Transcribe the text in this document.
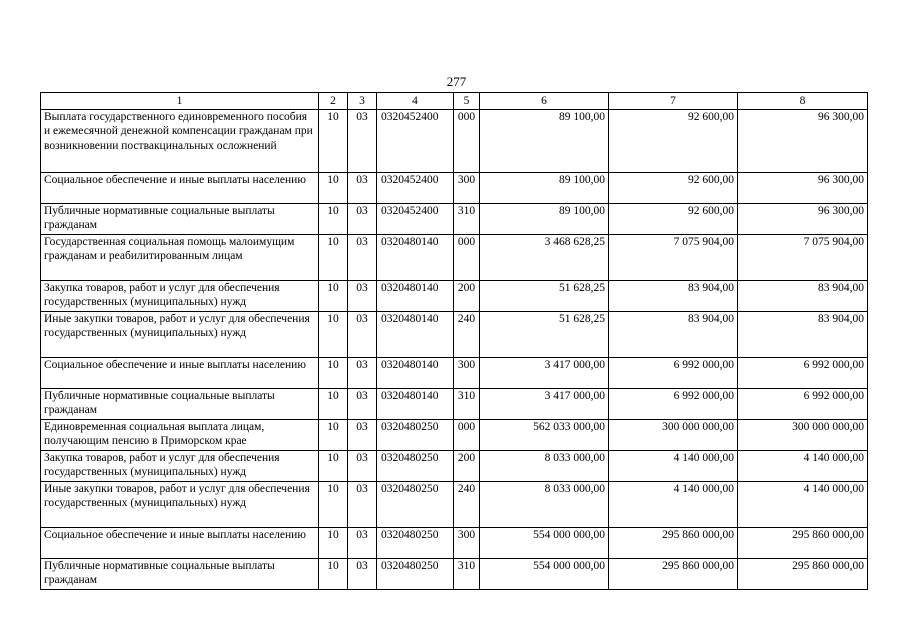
277
1	2	3	4	5	6	7	8
Выплата государственного единовременного пособия и ежемесячной денежной компенсации гражданам при возникновении поствакцинальных осложнений	10	03	0320452400	000	89 100,00	92 600,00	96 300,00
Социальное обеспечение и иные выплаты населению	10	03	0320452400	300	89 100,00	92 600,00	96 300,00
Публичные нормативные социальные выплаты гражданам	10	03	0320452400	310	89 100,00	92 600,00	96 300,00
Государственная социальная помощь малоимущим гражданам и реабилитированным лицам	10	03	0320480140	000	3 468 628,25	7 075 904,00	7 075 904,00
Закупка товаров, работ и услуг для обеспечения государственных (муниципальных) нужд	10	03	0320480140	200	51 628,25	83 904,00	83 904,00
Иные закупки товаров, работ и услуг для обеспечения государственных (муниципальных) нужд	10	03	0320480140	240	51 628,25	83 904,00	83 904,00
Социальное обеспечение и иные выплаты населению	10	03	0320480140	300	3 417 000,00	6 992 000,00	6 992 000,00
Публичные нормативные социальные выплаты гражданам	10	03	0320480140	310	3 417 000,00	6 992 000,00	6 992 000,00
Единовременная социальная выплата лицам, получающим пенсию в Приморском крае	10	03	0320480250	000	562 033 000,00	300 000 000,00	300 000 000,00
Закупка товаров, работ и услуг для обеспечения государственных (муниципальных) нужд	10	03	0320480250	200	8 033 000,00	4 140 000,00	4 140 000,00
Иные закупки товаров, работ и услуг для обеспечения государственных (муниципальных) нужд	10	03	0320480250	240	8 033 000,00	4 140 000,00	4 140 000,00
Социальное обеспечение и иные выплаты населению	10	03	0320480250	300	554 000 000,00	295 860 000,00	295 860 000,00
Публичные нормативные социальные выплаты гражданам	10	03	0320480250	310	554 000 000,00	295 860 000,00	295 860 000,00
